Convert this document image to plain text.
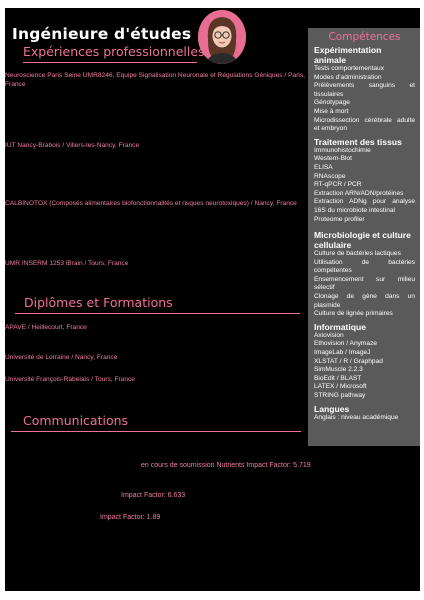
Ingénieure d'études
Expériences professionnelles
Neuroscience Paris Seine UMR8246, Equipe Signalisation Neuronale et Régulations Géniques / Paris, France
IUT Nancy-Brabois / Villers-les-Nancy, France
CALBINOTOX (Composés alimentaires biofonctionnalités et risques neurotoxiques) / Nancy, France
UMR INSERM 1253 iBrain / Tours, France
Diplômes et Formations
APAVE / Heillecourt, France
Université de Lorraine / Nancy, France
Université François-Rabelais / Tours, France
Communications
en cours de soumission Nutrients Impact Factor: 5.719
Impact Factor: 6.633
Impact Factor: 1.89
Compétences
Expérimentation animale
Tests comportementaux
Modes d'administration
Prélèvements sanguins et tissulaires
Génotypage
Mise à mort
Microdissection cérébrale adulte et embryon
Traitement des tissus
Immunohistochimie
Western-Blot
ELISA
RNAscope
RT-qPCR / PCR
Extraction ARN/ADN/protéines
Extraction ADNg pour analyse 16S du microbiote intestinal
Proteome profiler
Microbiologie et culture cellulaire
Culture de bactéries lactiques
Utilisation de bactéries compétentes
Ensemencement sur milieu sélectif
Clonage de gène dans un plasmide
Culture de lignée primaires
Informatique
Axiovision
Ethovision / Anymaze
ImageLab / ImageJ
XLSTAT / R / Graphpad
SimMuscle 2.2.3
BioEdit / BLAST
LATEX / Microsoft
STRING pathway
Langues
Anglais : niveau académique
